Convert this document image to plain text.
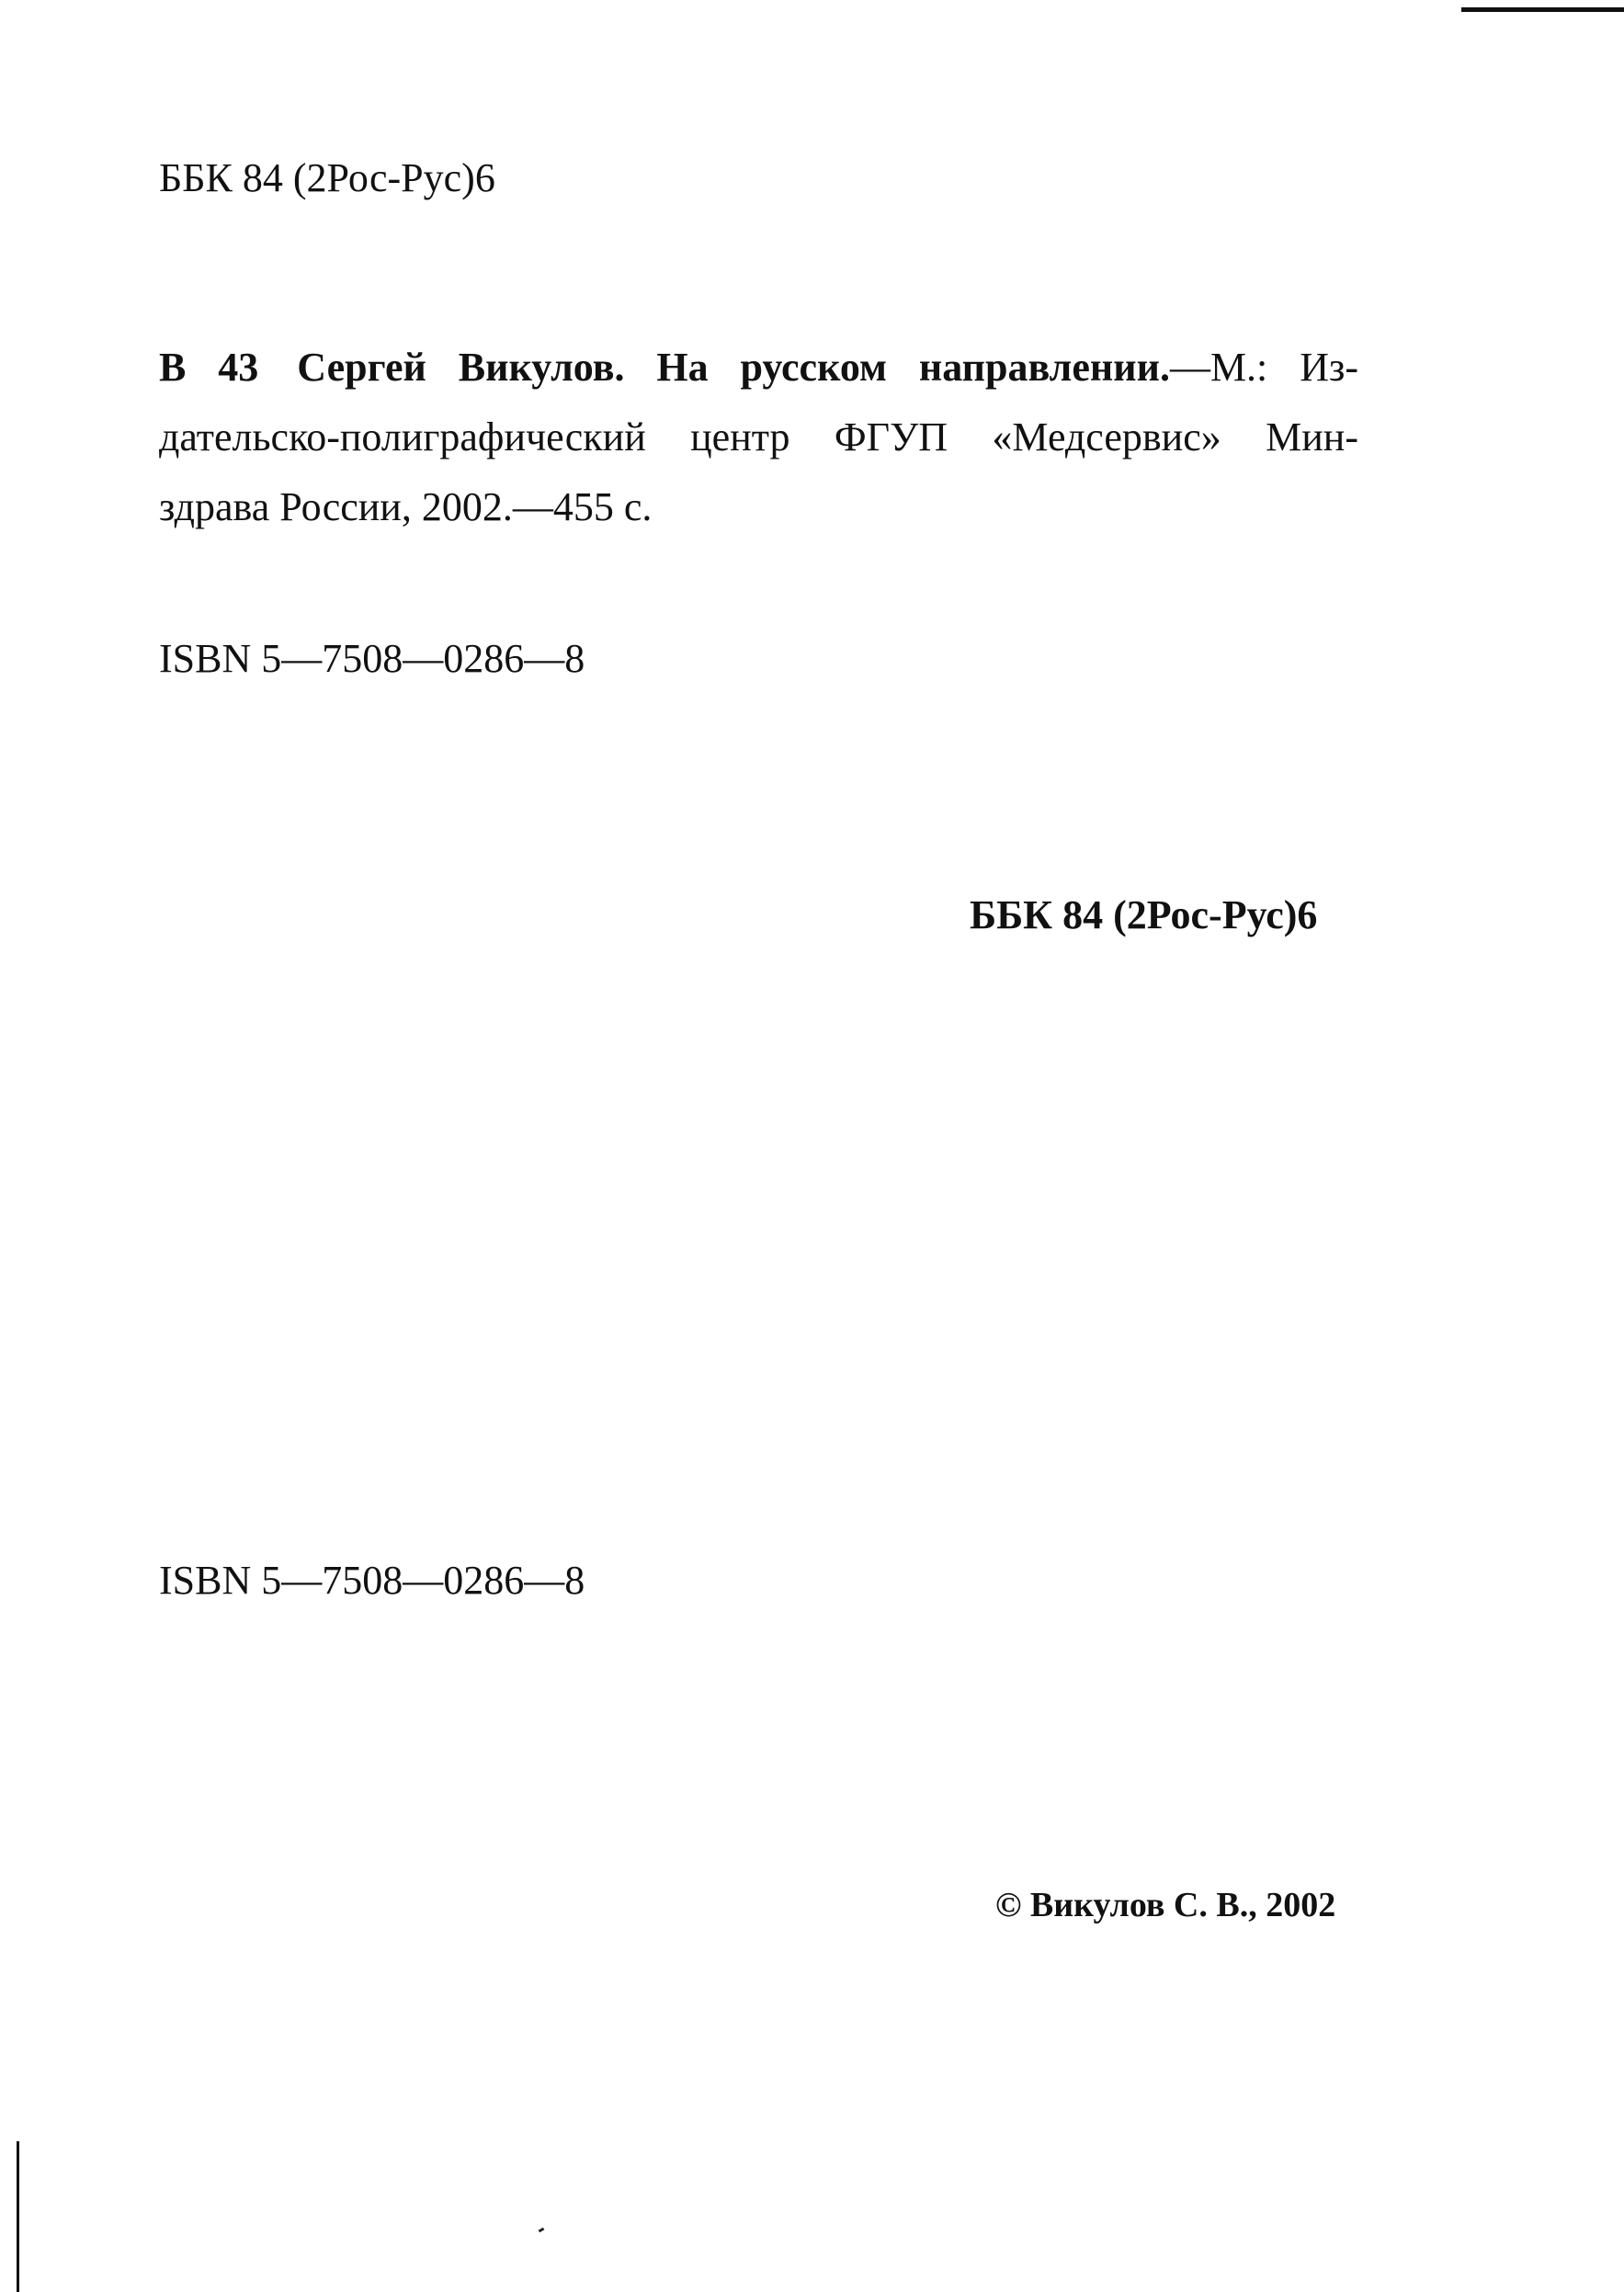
ББК 84 (2Рос-Рус)6
В 43 Сергей Викулов. На русском направлении.—М.: Из-
дательско-полиграфический центр ФГУП «Медсервис» Мин-
здрава России, 2002.—455 с.
ISBN 5—7508—0286—8
ББК 84 (2Рос-Рус)6
ISBN 5—7508—0286—8
© Викулов С. В., 2002
